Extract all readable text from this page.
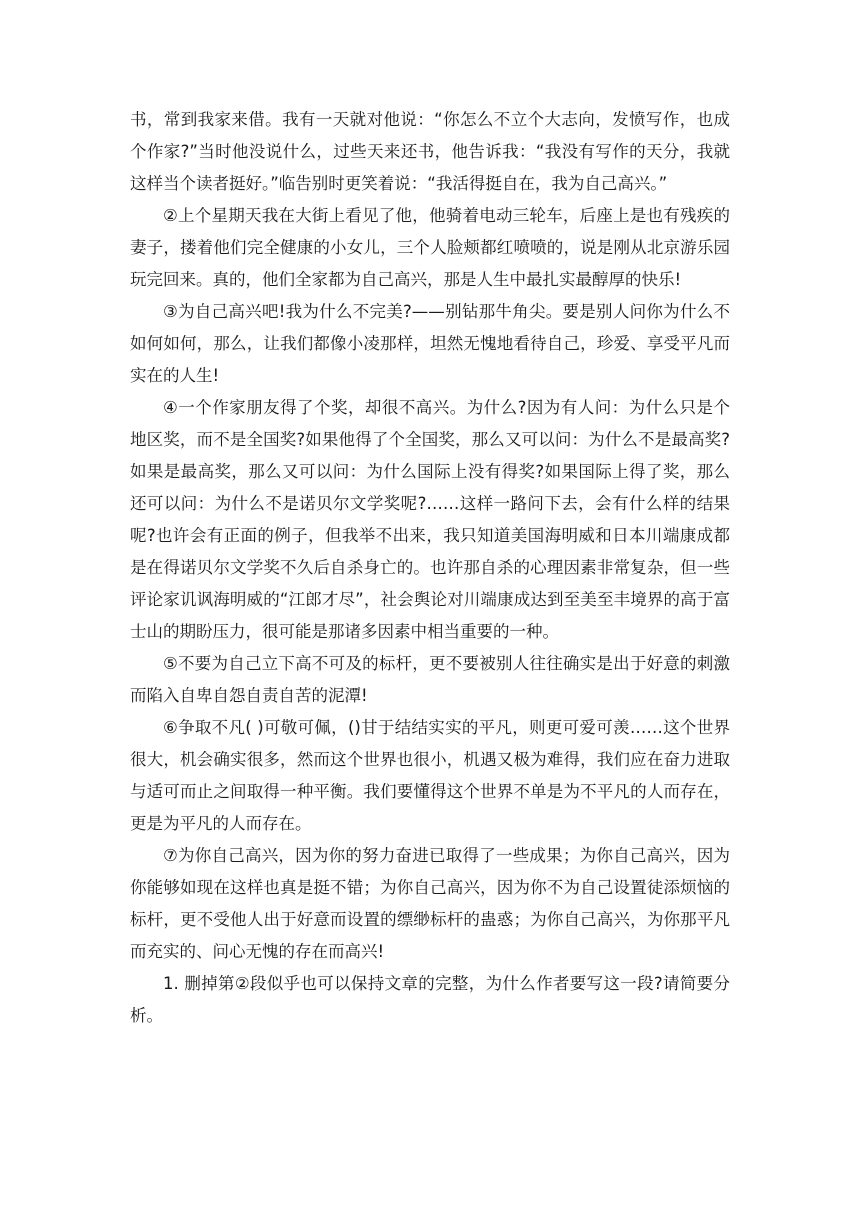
书，常到我家来借。我有一天就对他说：“你怎么不立个大志向，发愤写作，也成个作家?”当时他没说什么，过些天来还书，他告诉我：“我没有写作的天分，我就这样当个读者挺好。”临告别时更笑着说：“我活得挺自在，我为自己高兴。”

②上个星期天我在大街上看见了他，他骑着电动三轮车，后座上是也有残疾的妻子，搂着他们完全健康的小女儿，三个人脸颊都红喷喷的，说是刚从北京游乐园玩完回来。真的，他们全家都为自己高兴，那是人生中最扎实最醇厚的快乐!

③为自己高兴吧!我为什么不完美?——别钻那牛角尖。要是别人问你为什么不如何如何，那么，让我们都像小凌那样，坦然无愧地看待自己，珍爱、享受平凡而实在的人生!

④一个作家朋友得了个奖，却很不高兴。为什么?因为有人问：为什么只是个地区奖，而不是全国奖?如果他得了个全国奖，那么又可以问：为什么不是最高奖?如果是最高奖，那么又可以问：为什么国际上没有得奖?如果国际上得了奖，那么还可以问：为什么不是诺贝尔文学奖呢?……这样一路问下去，会有什么样的结果呢?也许会有正面的例子，但我举不出来，我只知道美国海明威和日本川端康成都是在得诺贝尔文学奖不久后自杀身亡的。也许那自杀的心理因素非常复杂，但一些评论家讥讽海明威的“江郎才尽”，社会舆论对川端康成达到至美至丰境界的高于富士山的期盼压力，很可能是那诸多因素中相当重要的一种。

⑤不要为自己立下高不可及的标杆，更不要被别人往往确实是出于好意的刺激而陷入自卑自怨自责自苦的泥潭!

⑥争取不凡( )可敬可佩，()甘于结结实实的平凡，则更可爱可羡……这个世界很大，机会确实很多，然而这个世界也很小，机遇又极为难得，我们应在奋力进取与适可而止之间取得一种平衡。我们要懂得这个世界不单是为不平凡的人而存在，更是为平凡的人而存在。

⑦为你自己高兴，因为你的努力奋进已取得了一些成果；为你自己高兴，因为你能够如现在这样也真是挺不错；为你自己高兴，因为你不为自己设置徒添烦恼的标杆，更不受他人出于好意而设置的缥缈标杆的蛊惑；为你自己高兴，为你那平凡而充实的、问心无愧的存在而高兴!

1. 删掉第②段似乎也可以保持文章的完整，为什么作者要写这一段?请简要分析。
